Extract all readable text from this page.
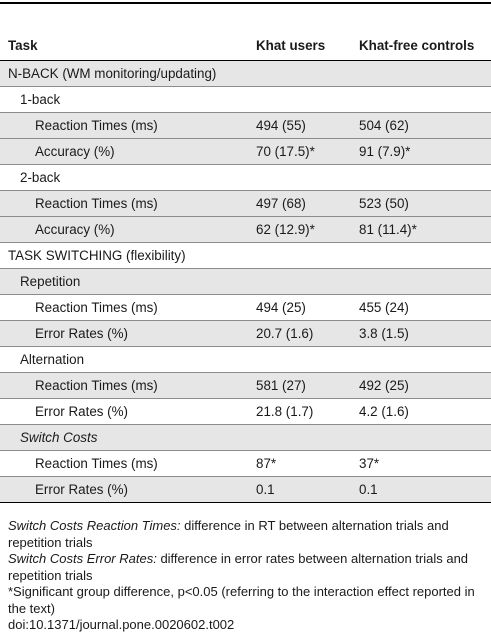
Task	Khat users	Khat-free controls
N-BACK (WM monitoring/updating)		
1-back		
Reaction Times (ms)	494 (55)	504 (62)
Accuracy (%)	70 (17.5)*	91 (7.9)*
2-back		
Reaction Times (ms)	497 (68)	523 (50)
Accuracy (%)	62 (12.9)*	81 (11.4)*
TASK SWITCHING (flexibility)		
Repetition		
Reaction Times (ms)	494 (25)	455 (24)
Error Rates (%)	20.7 (1.6)	3.8 (1.5)
Alternation		
Reaction Times (ms)	581 (27)	492 (25)
Error Rates (%)	21.8 (1.7)	4.2 (1.6)
Switch Costs		
Reaction Times (ms)	87*	37*
Error Rates (%)	0.1	0.1

Switch Costs Reaction Times: difference in RT between alternation trials and repetition trials

Switch Costs Error Rates: difference in error rates between alternation trials and repetition trials

*Significant group difference, p<0.05 (referring to the interaction effect reported in the text)

doi:10.1371/journal.pone.0020602.t002
